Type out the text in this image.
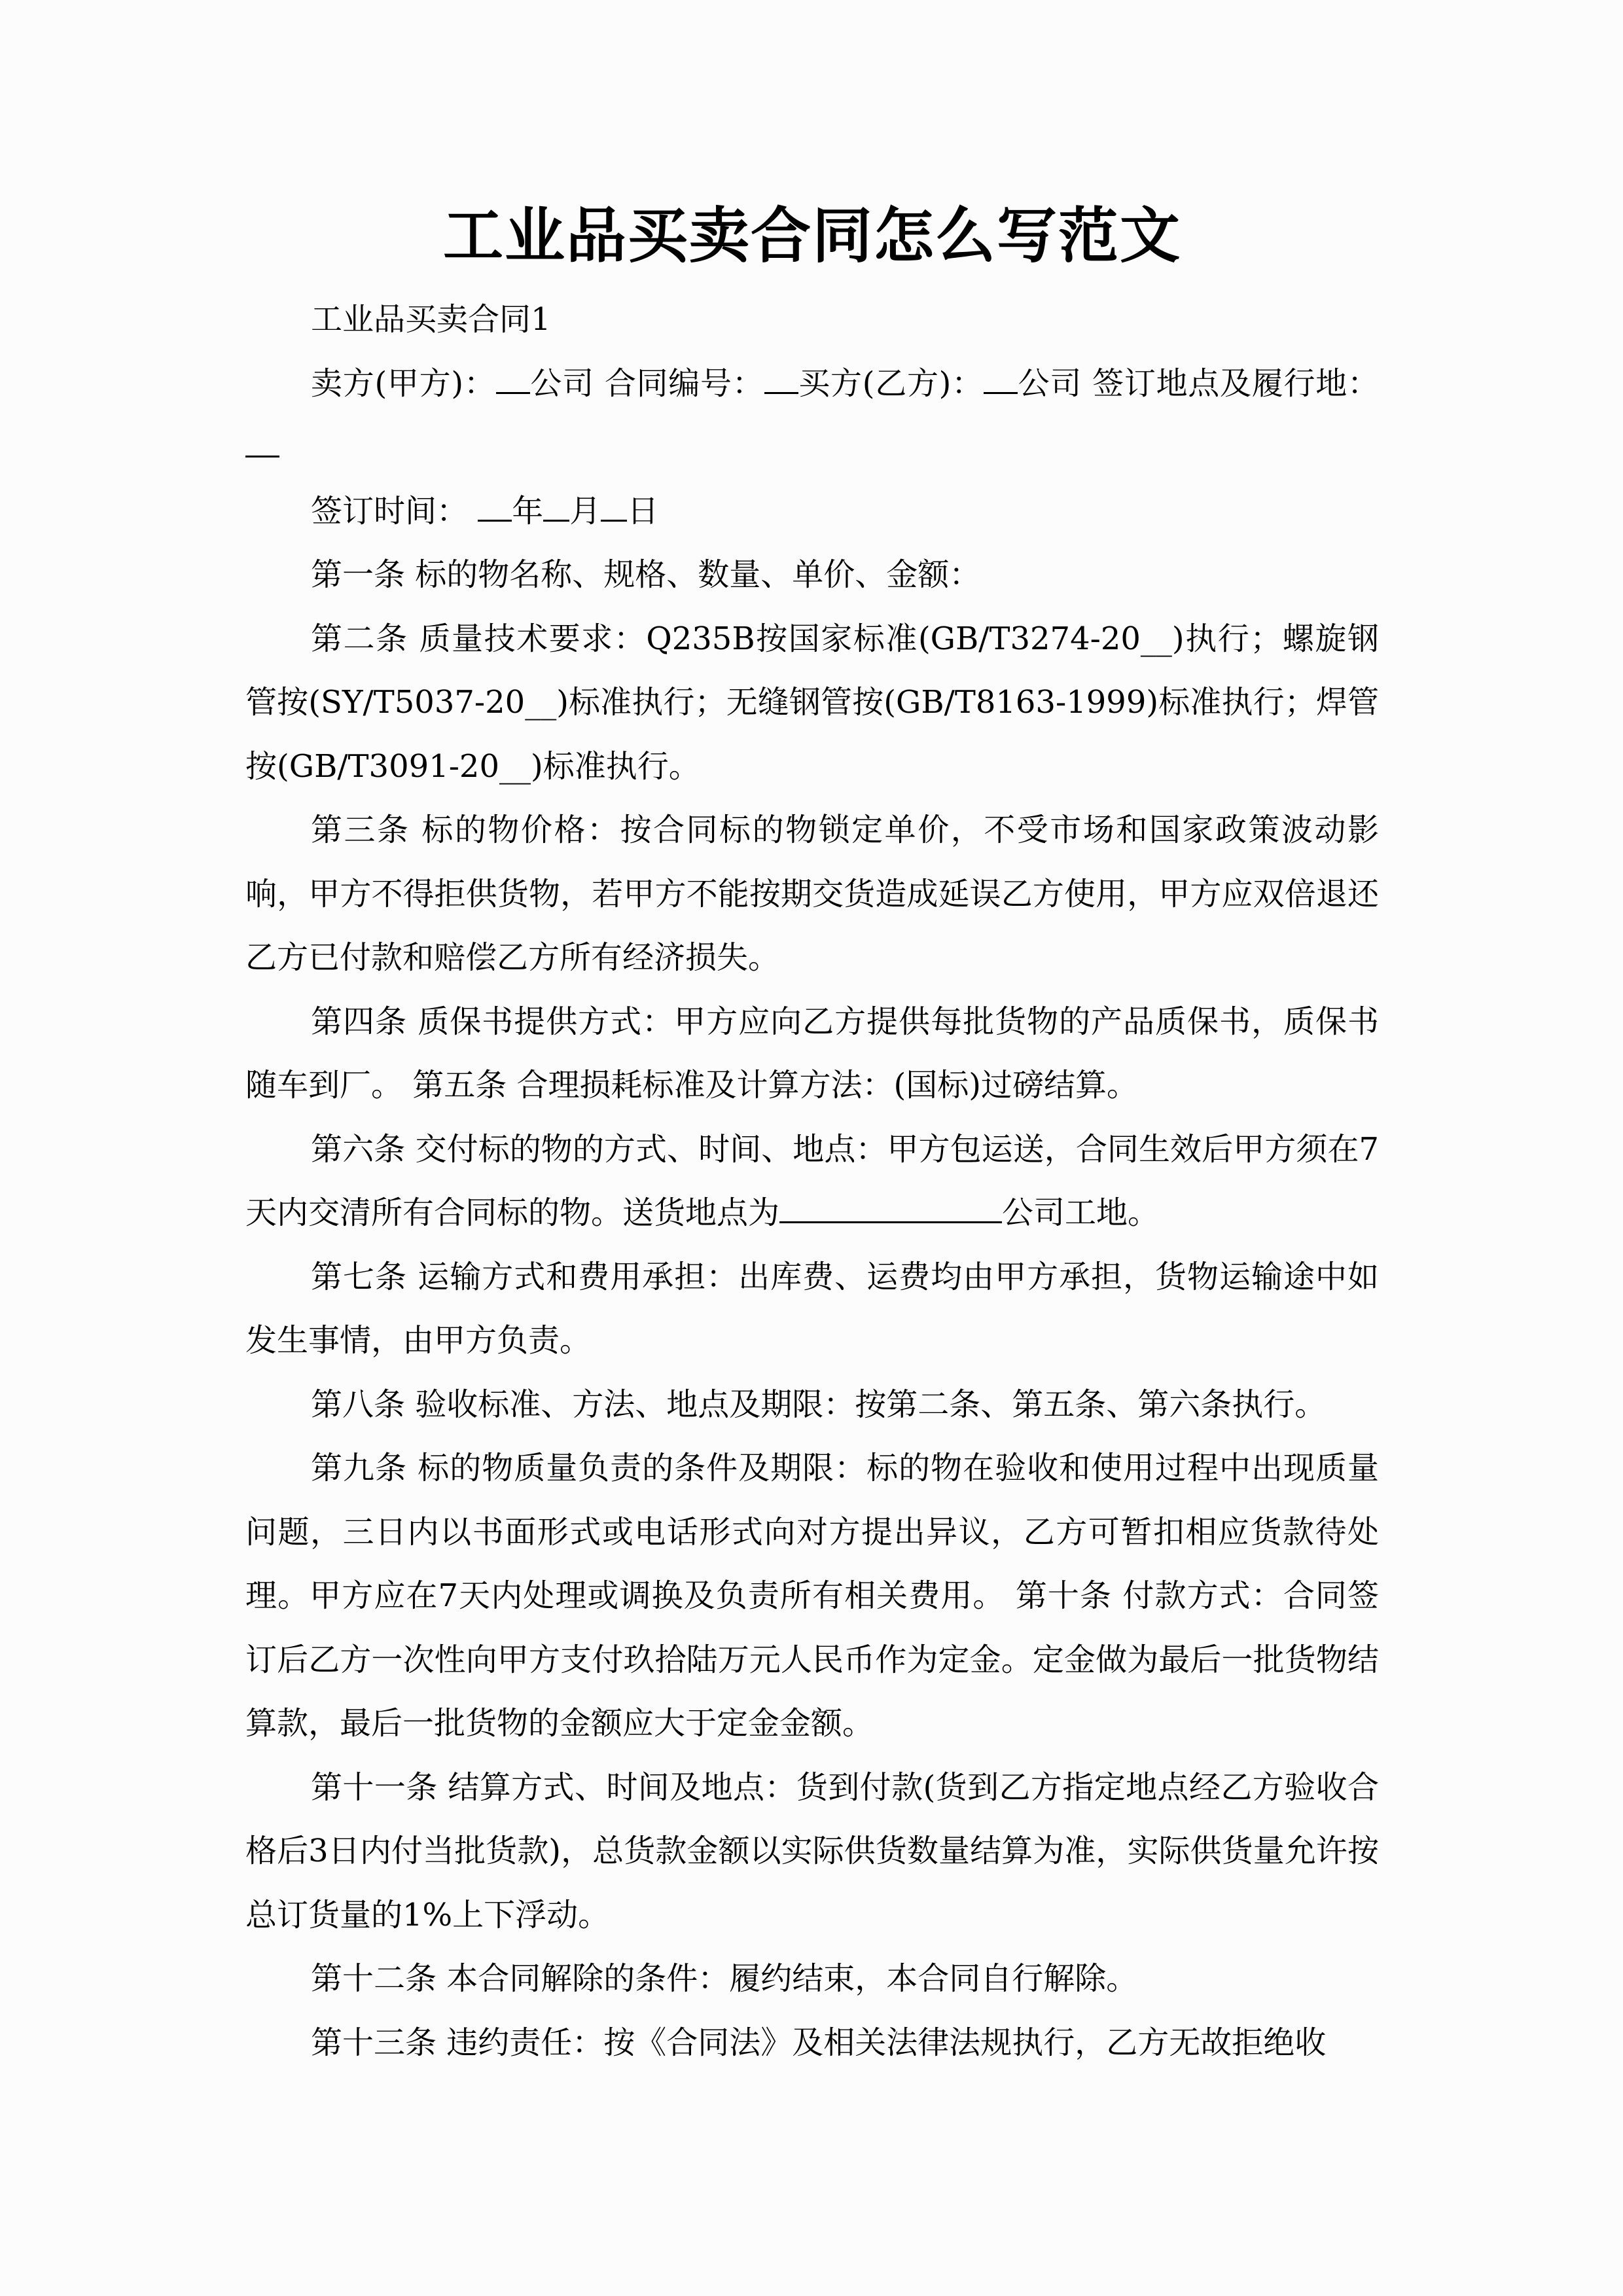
工业品买卖合同怎么写范文

工业品买卖合同1

卖方(甲方)： 公司 合同编号： 买方(乙方)： 公司 签订地点及履行地：

签订时间： 年 月 日

第一条 标的物名称、规格、数量、单价、金额：

第二条 质量技术要求：Q235B按国家标准(GB/T3274-20__)执行；螺旋钢管按(SY/T5037-20__)标准执行；无缝钢管按(GB/T8163-1999)标准执行；焊管按(GB/T3091-20__)标准执行。

第三条 标的物价格：按合同标的物锁定单价，不受市场和国家政策波动影响，甲方不得拒供货物，若甲方不能按期交货造成延误乙方使用，甲方应双倍退还乙方已付款和赔偿乙方所有经济损失。

第四条 质保书提供方式：甲方应向乙方提供每批货物的产品质保书，质保书随车到厂。 第五条 合理损耗标准及计算方法：(国标)过磅结算。

第六条 交付标的物的方式、时间、地点：甲方包运送，合同生效后甲方须在7天内交清所有合同标的物。送货地点为	公司工地。

第七条 运输方式和费用承担：出库费、运费均由甲方承担，货物运输途中如发生事情，由甲方负责。

第八条 验收标准、方法、地点及期限：按第二条、第五条、第六条执行。

第九条 标的物质量负责的条件及期限：标的物在验收和使用过程中出现质量问题，三日内以书面形式或电话形式向对方提出异议，乙方可暂扣相应货款待处理。甲方应在7天内处理或调换及负责所有相关费用。 第十条 付款方式：合同签订后乙方一次性向甲方支付玖拾陆万元人民币作为定金。定金做为最后一批货物结算款，最后一批货物的金额应大于定金金额。

第十一条 结算方式、时间及地点：货到付款(货到乙方指定地点经乙方验收合格后3日内付当批货款)，总货款金额以实际供货数量结算为准，实际供货量允许按总订货量的1%上下浮动。

第十二条 本合同解除的条件：履约结束，本合同自行解除。

第十三条 违约责任：按《合同法》及相关法律法规执行，乙方无故拒绝收
